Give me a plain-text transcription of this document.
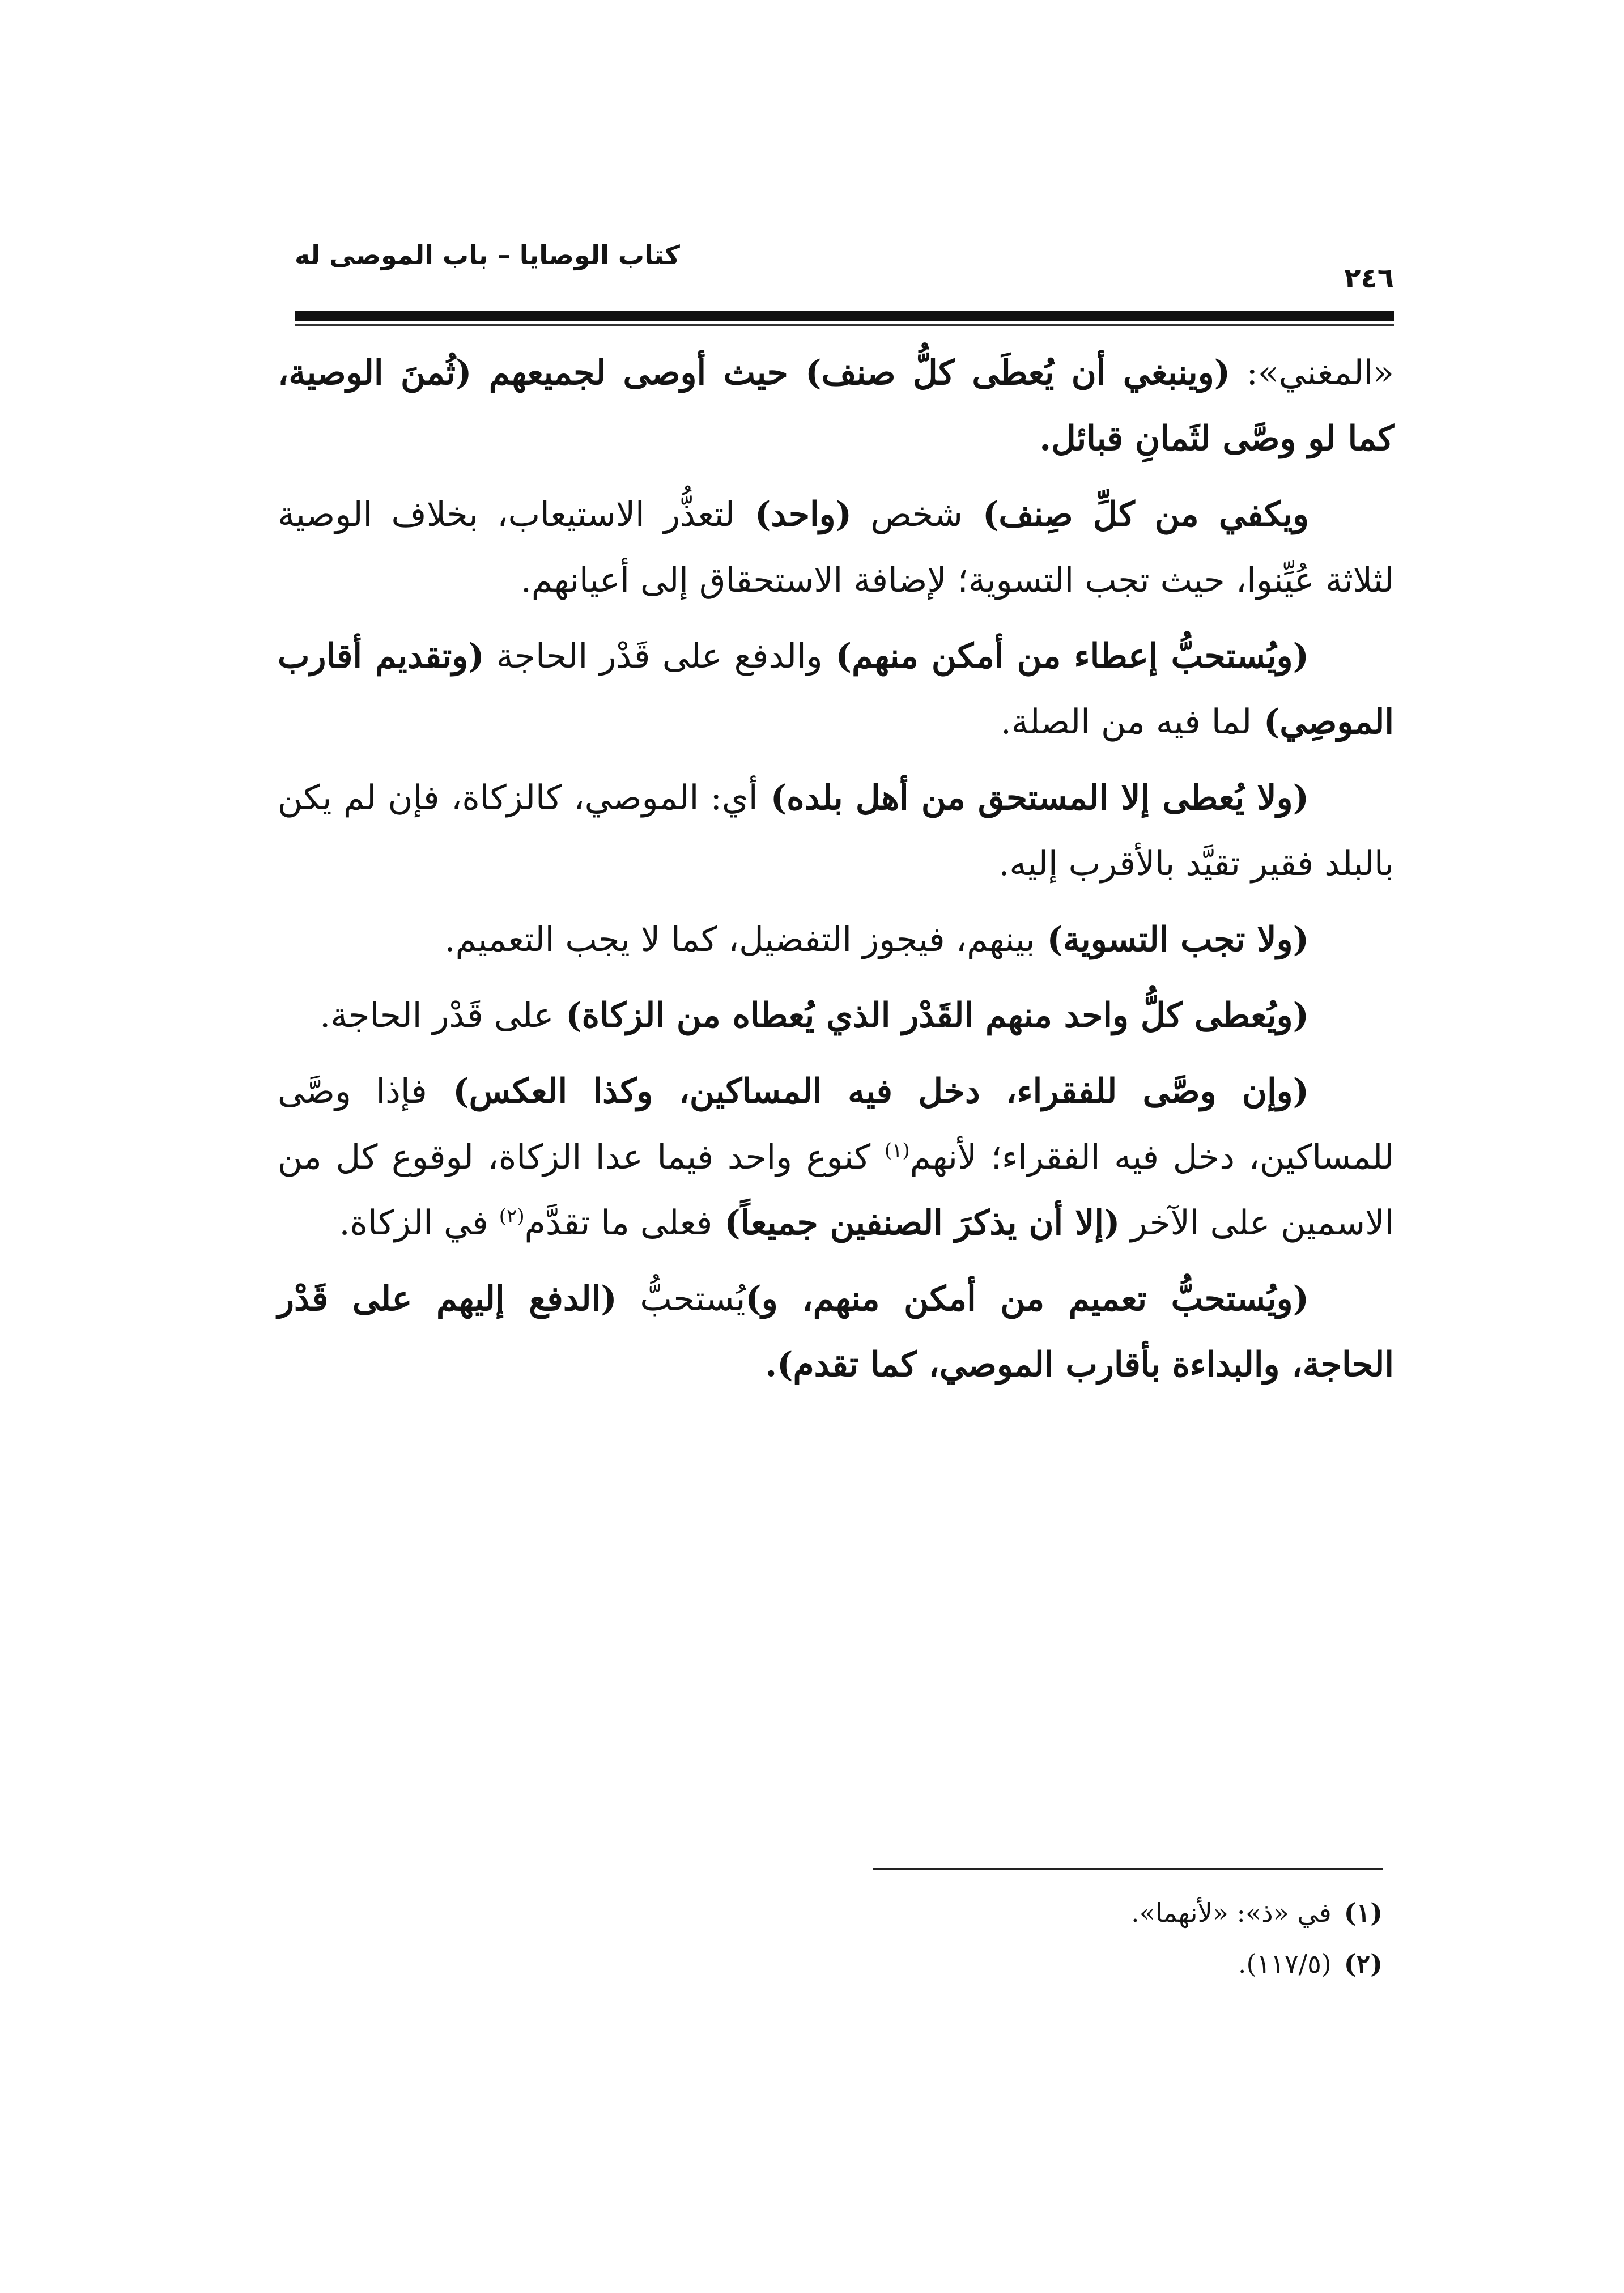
كتاب الوصايا – باب الموصى له
٢٤٦

«المغني»: (وينبغي أن يُعطَى كلُّ صنف) حيث أوصى لجميعهم (ثُمنَ الوصية، كما لو وصَّى لثَمانِ قبائل.

ويكفي من كلِّ صِنف) شخص (واحد) لتعذُّر الاستيعاب، بخلاف الوصية لثلاثة عُيِّنوا، حيث تجب التسوية؛ لإضافة الاستحقاق إلى أعيانهم.

(ويُستحبُّ إعطاء من أمكن منهم) والدفع على قَدْر الحاجة (وتقديم أقارب الموصِي) لما فيه من الصلة.

(ولا يُعطى إلا المستحق من أهل بلده) أي: الموصي، كالزكاة، فإن لم يكن بالبلد فقير تقيَّد بالأقرب إليه.

(ولا تجب التسوية) بينهم، فيجوز التفضيل، كما لا يجب التعميم.

(ويُعطى كلُّ واحد منهم القَدْر الذي يُعطاه من الزكاة) على قَدْر الحاجة.

(وإن وصَّى للفقراء، دخل فيه المساكين، وكذا العكس) فإذا وصَّى للمساكين، دخل فيه الفقراء؛ لأنهم$^{(١)}$ كنوع واحد فيما عدا الزكاة، لوقوع كل من الاسمين على الآخر (إلا أن يذكرَ الصنفين جميعاً) فعلى ما تقدَّم$^{(٢)}$ في الزكاة.

(ويُستحبُّ تعميم من أمكن منهم، و)يُستحبُّ (الدفع إليهم على قَدْر الحاجة، والبداءة بأقارب الموصي، كما تقدم).

(١)في «ذ»: «لأنهما».
(٢)(١١٧/٥).
